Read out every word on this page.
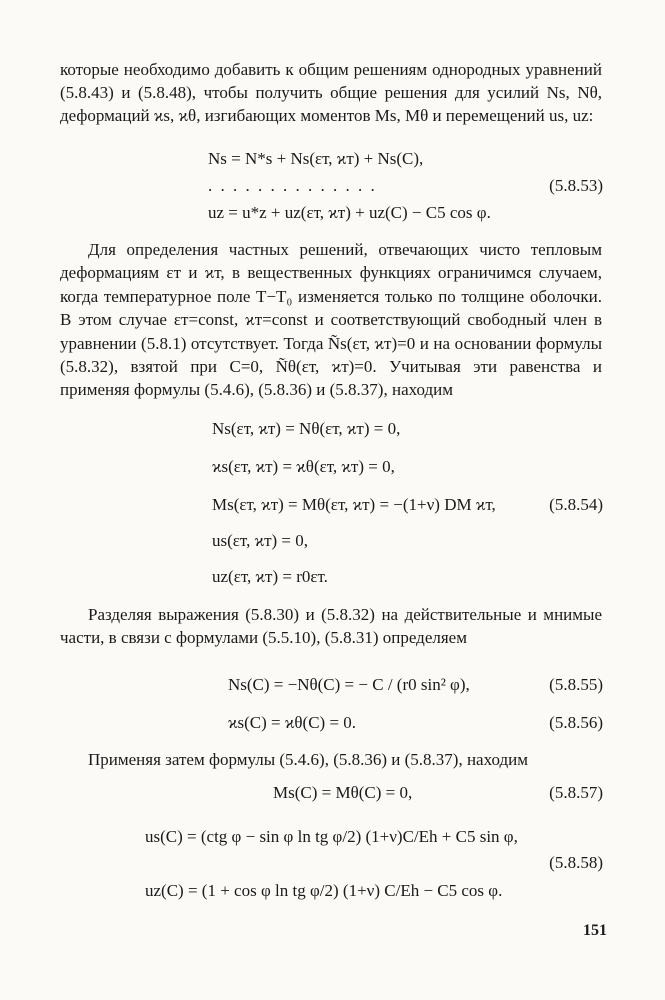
которые необходимо добавить к общим решениям однородных уравнений (5.8.43) и (5.8.48), чтобы получить общие решения для усилий Ns, Nθ, деформаций ϰs, ϰθ, изгибающих моментов Ms, Mθ и перемещений us, uz:

Ns = N*s + Ns(εт, ϰт) + Ns(C),
. . . . . . . . . . . . . .
uz = u*z + uz(εт, ϰт) + uz(C) − C5 cos φ.
(5.8.53)

Для определения частных решений, отвечающих чисто тепловым деформациям εт и ϰт, в вещественных функциях ограничимся случаем, когда температурное поле T−T₀ изменяется только по толщине оболочки. В этом случае εт=const, ϰт=const и соответствующий свободный член в уравнении (5.8.1) отсутствует. Тогда Ñs(εт, ϰт)=0 и на основании формулы (5.8.32), взятой при C=0, Ñθ(εт, ϰт)=0. Учитывая эти равенства и применяя формулы (5.4.6), (5.8.36) и (5.8.37), находим

Ns(εт, ϰт) = Nθ(εт, ϰт) = 0,
ϰs(εт, ϰт) = ϰθ(εт, ϰт) = 0,
Ms(εт, ϰт) = Mθ(εт, ϰт) = −(1+ν) DM ϰт,
us(εт, ϰт) = 0,
uz(εт, ϰт) = r0εт.
(5.8.54)

Разделяя выражения (5.8.30) и (5.8.32) на действительные и мнимые части, в связи с формулами (5.5.10), (5.8.31) определяем

Ns(C) = −Nθ(C) = − C / (r0 sin² φ),	(5.8.55)
ϰs(C) = ϰθ(C) = 0.	(5.8.56)

Применяя затем формулы (5.4.6), (5.8.36) и (5.8.37), находим

Ms(C) = Mθ(C) = 0,	(5.8.57)
us(C) = (ctg φ − sin φ ln tg φ/2) (1+ν)C/Eh + C5 sin φ,
uz(C) = (1 + cos φ ln tg φ/2) (1+ν) C/Eh − C5 cos φ.
(5.8.58)
151
